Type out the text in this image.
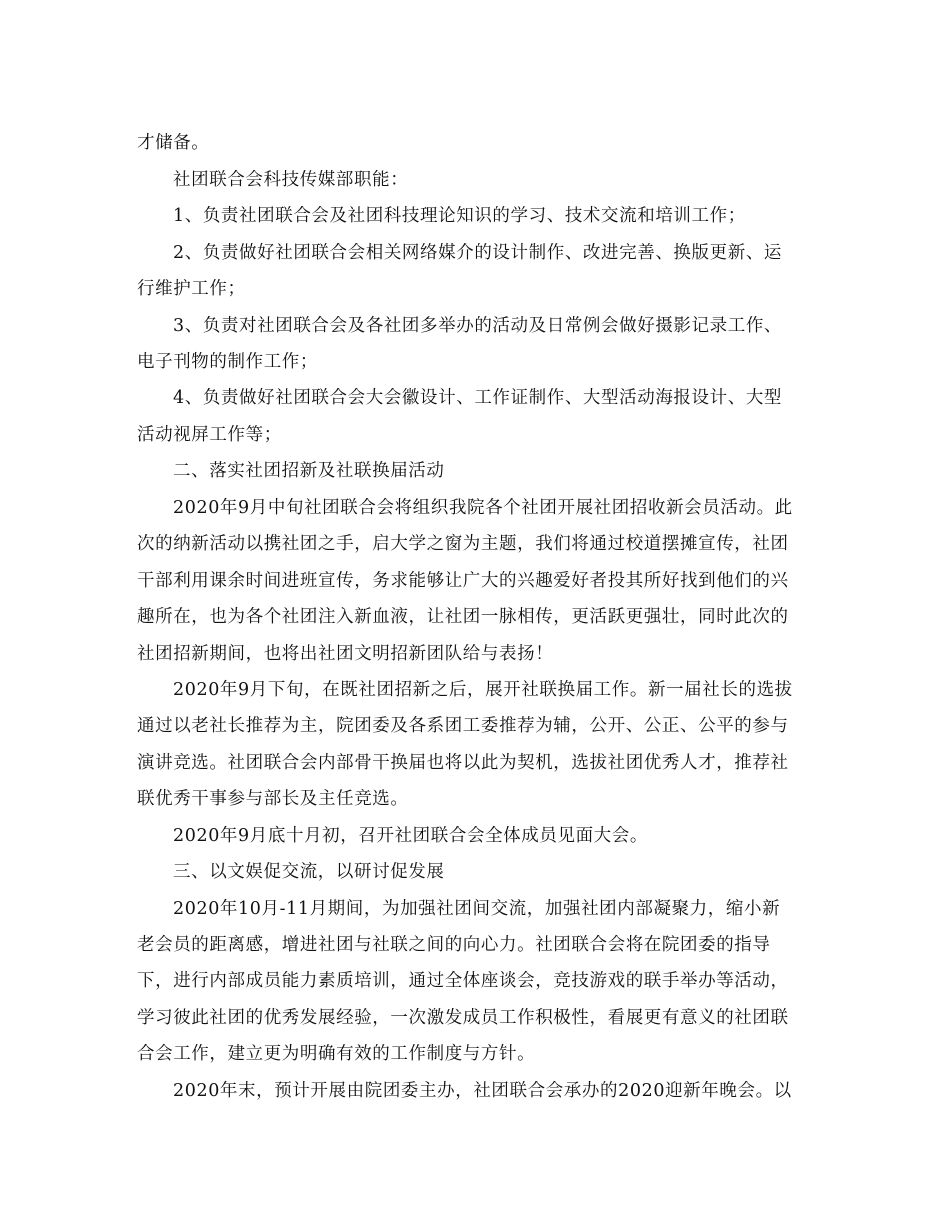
才储备。
社团联合会科技传媒部职能：
1、负责社团联合会及社团科技理论知识的学习、技术交流和培训工作；
2、负责做好社团联合会相关网络媒介的设计制作、改进完善、换版更新、运
行维护工作；
3、负责对社团联合会及各社团多举办的活动及日常例会做好摄影记录工作、
电子刊物的制作工作；
4、负责做好社团联合会大会徽设计、工作证制作、大型活动海报设计、大型
活动视屏工作等；
二、落实社团招新及社联换届活动
2020年9月中旬社团联合会将组织我院各个社团开展社团招收新会员活动。此
次的纳新活动以携社团之手，启大学之窗为主题，我们将通过校道摆摊宣传，社团
干部利用课余时间进班宣传，务求能够让广大的兴趣爱好者投其所好找到他们的兴
趣所在，也为各个社团注入新血液，让社团一脉相传，更活跃更强壮，同时此次的
社团招新期间，也将出社团文明招新团队给与表扬！
2020年9月下旬，在既社团招新之后，展开社联换届工作。新一届社长的选拔
通过以老社长推荐为主，院团委及各系团工委推荐为辅，公开、公正、公平的参与
演讲竞选。社团联合会内部骨干换届也将以此为契机，选拔社团优秀人才，推荐社
联优秀干事参与部长及主任竞选。
2020年9月底十月初，召开社团联合会全体成员见面大会。
三、以文娱促交流，以研讨促发展
2020年10月-11月期间，为加强社团间交流，加强社团内部凝聚力，缩小新
老会员的距离感，增进社团与社联之间的向心力。社团联合会将在院团委的指导
下，进行内部成员能力素质培训，通过全体座谈会，竞技游戏的联手举办等活动，
学习彼此社团的优秀发展经验，一次激发成员工作积极性，看展更有意义的社团联
合会工作，建立更为明确有效的工作制度与方针。
2020年末，预计开展由院团委主办，社团联合会承办的2020迎新年晚会。以
